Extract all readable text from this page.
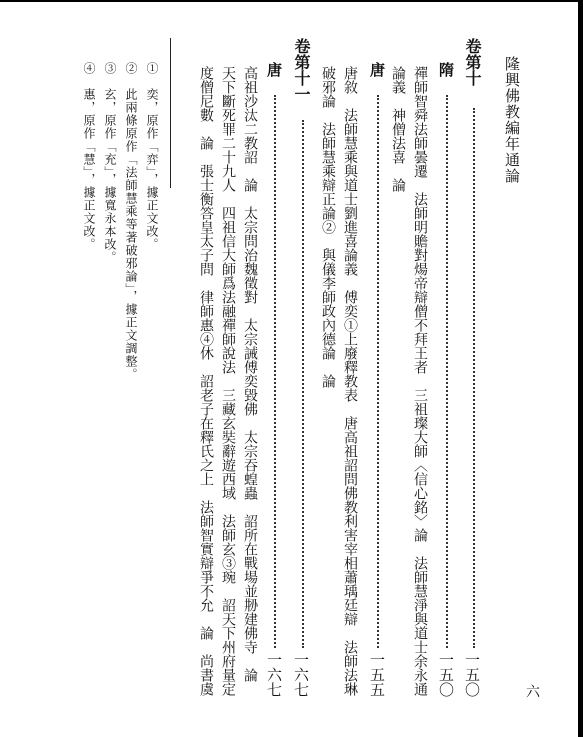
隆興佛教編年通論
六
卷第十
一五〇
隋
一五〇
禪師智舜法師曇遷　法師明贍對煬帝辯僧不拜王者　三祖璨大師〈信心銘〉論　法師慧淨與道士余永通
論義　神僧法喜　論
唐
一五五
唐敘　法師慧乘與道士劉進喜論義　傅奕①上廢釋教表　唐高祖詔問佛教利害宰相蕭瑀廷辯　法師法琳
破邪論　法師慧乘辯正論②　與儀李師政內德論　論
卷第十一
一六七
唐
一六七
高祖沙汰二教詔　論　太宗問治魏徵對　太宗誡傅奕毀佛　太宗吞蝗蟲　詔所在戰場並刱建佛寺　論
天下斷死罪二十九人　四祖信大師爲法融禪師說法　三藏玄奘辭遊西域　法師玄③琬　詔天下州府量定
度僧尼數　論　張士衡答皇太子問　律師惠④休　詔老子在釋氏之上　法師智實辯爭不允　論　尚書虞
①　奕，原作「弈」，據正文改。
②　此兩條原作「法師慧乘等著破邪論」，據正文調整。
③　玄，原作「充」，據寬永本改。
④　惠，原作「慧」，據正文改。
